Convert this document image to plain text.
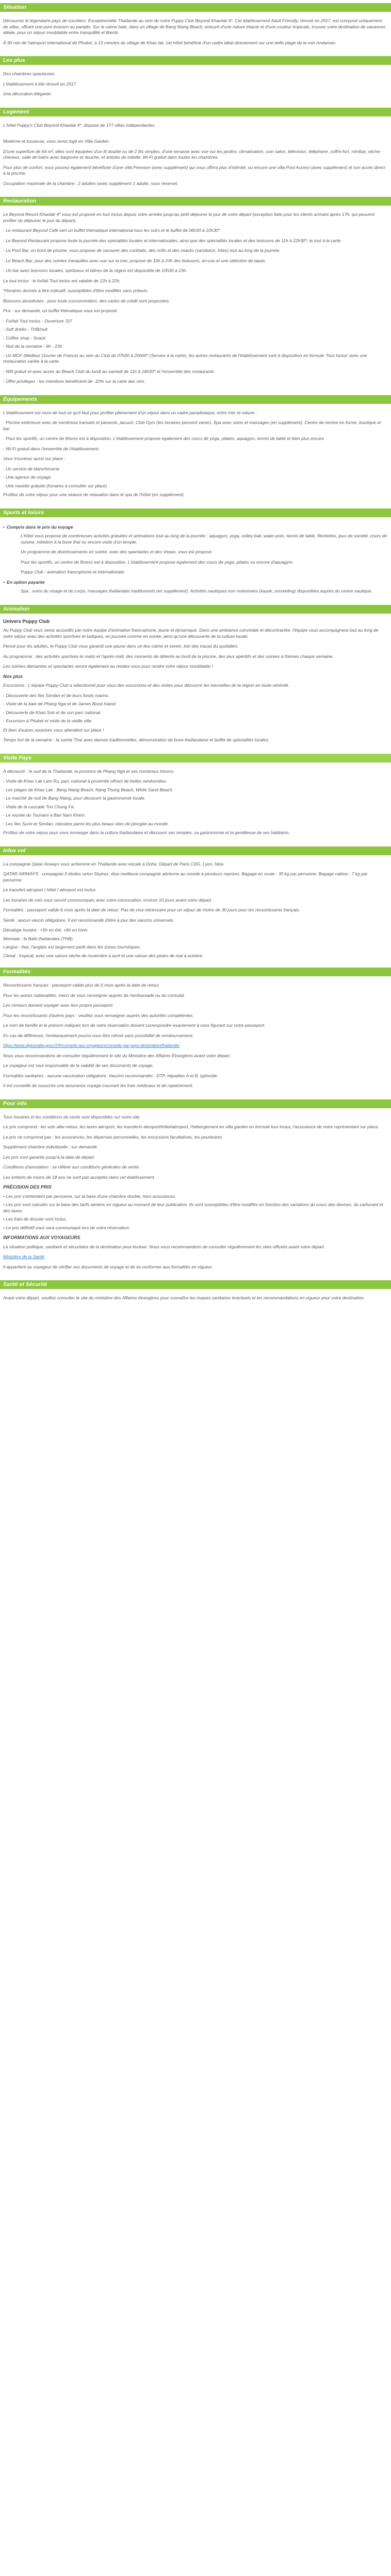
Situation
Découvrez le légendaire pays de cocotiers. Exceptionnelle Thaïlande au sein de notre Puppy Club Beyond Khaolak 4*. Cet établissement Adult Friendly, rénové en 2017, est composé uniquement de villas, offrant une pure évasion au paradis. Sur la calme baie, dans un village de Bang Niang Beach, entouré d'une nature intacte et d'une couleur tropicale, trouvez votre destination de vacances idéale, pour un séjour inoubliable entre tranquillité et liberté.
À 90 min de l'aéroport international de Phuket, à 15 minutes du village de Khao lak, cet hôtel bénéficie d'un cadre idéal directement sur une belle plage de la mer Andaman.
Les plus
Des chambres spacieuses
L'établissement à été rénové en 2017
Une décoration élégante
Logement
L'hôtel Puppy's Club Beyond Khaolak 4*, dispose de 177 villas indépendantes.
Moderne et luxueuse, vous serez logé en Villa Garden.
D'une superficie de 64 m², elles sont équipées d'un lit double ou de 2 lits simples, d'une terrasse avec vue sur les jardins, climatisation, coin salon, télévision, téléphone, coffre-fort, minibar, sèche-cheveux, salle de bains avec baignoire et douche, et articles de toilette. Wi-Fi gratuit dans toutes les chambres.
Pour plus de confort, vous pouvez également bénéficier d'une villa Premium (avec supplément) qui vous offrira plus d'intimité, ou encore une villa Pool Access (avec supplément) et son accès direct à la piscine.
Occupation maximale de la chambre : 2 adultes (avec supplément 1 adulte, sous réserve).
Restauration
Le Beyond Resort Khaolak 4* vous est proposé en tout inclus depuis votre arrivée jusqu'au petit-déjeuner le jour de votre départ (exception faite pour les clients arrivant après 17h, qui peuvent profiter du déjeuner le jour du départ).
- Le restaurant Beyond Café sert un buffet thématique international tous les soirs et le buffet de 06h30 à 10h30*.
- Le Beyond Restaurant propose toute la journée des spécialités locales et internationales, ainsi que des spécialités locales et des boissons de 11h à 22h30*, le tout à la carte.
- Le Pool Bar, en bord de piscine, vous propose de savourer des cocktails, des softs et des snacks (sandwich, frites) tout au long de la journée.
- Le Beach Bar, pour des soirées tranquilles avec vue sur la mer, propose de 10h à 23h des boissons, en-cas et une sélection de tapas.
- Un bar avec boissons locales, spiritueux et bières de la région est disponible de 10h30 à 23h.
Le tout inclus : le forfait Tout inclus est valable de 12h à 22h.
*Horaires donnés à titre indicatif, susceptibles d'être modifiés sans préavis.
Boissons alcoolisées : pour toute consommation, des cartes de crédit sont proposées.
Prix : sur demande, un buffet thématique vous est proposé.
- Forfait Tout Inclus - Ouverture 7j/7
- Soft drinks - THB/nuit
- Coffee shop - Snack
- Nuit de la semaine - 9h - 23h
- Un MOF (Meilleur Ouvrier de France) au sein du Club de 07h00 à 20h00* (Service à la carte), les autres restaurants de l'établissement sont à disposition en formule 'Tout Inclus' avec une restauration variée à la carte.
- Wifi gratuit et avec accès au Beach Club du lundi au samedi de 11h à 16h30* et l'ensemble des restaurants.
- Offre privilèges : les membres bénéficient de -10% sur la carte des vins.
Équipements
L'établissement est muni de tout ce qu'il faut pour profiter pleinement d'un séjour dans un cadre paradisiaque, entre mer et nature :
- Piscine extérieure avec de nombreux transats et parasols, jacuzzi, Club Gym (les horaires peuvent varier), Spa avec soins et massages (en supplément), Centre de remise en forme, boutique et bar.
- Pour les sportifs, un centre de fitness est à disposition. L'établissement propose également des cours de yoga, pilates, aquagym, tennis de table et bien plus encore.
- Wi-Fi gratuit dans l'ensemble de l'établissement.
Vous trouverez aussi sur place :
- Un service de blanchisserie
- Une agence de voyage
- Une navette gratuite (horaires à consulter sur place)
Profitez de votre séjour pour une séance de relaxation dans le spa de l'hôtel (en supplément).
Sports et loisirs
• Compris dans le prix du voyage
L'hôtel vous propose de nombreuses activités gratuites et animations tout au long de la journée : aquagym, yoga, volley-ball, water-polo, tennis de table, fléchettes, jeux de société, cours de cuisine, initiation à la boxe thaï ou encore visite d'un temple.
Un programme de divertissements en soirée, avec des spectacles et des shows, vous est proposé.
Pour les sportifs, un centre de fitness est à disposition. L'établissement propose également des cours de yoga, pilates ou encore d'aquagym.
Puppy Club : animation francophone et internationale.
• En option payante
Spa : soins du visage et du corps, massages thaïlandais traditionnels (en supplément). Activités nautiques non motorisées (kayak, snorkeling) disponibles auprès du centre nautique.
Animation
Univers Puppy Club
Au Puppy Club vous serez accueillis par notre équipe d'animation francophone, jeune et dynamique. Dans une ambiance conviviale et décontractée, l'équipe vous accompagnera tout au long de votre séjour avec des activités sportives et ludiques, en journée comme en soirée, ainsi qu'une découverte de la culture locale.
Pensé pour les adultes, le Puppy Club vous garantit une pause dans un lieu calme et serein, loin des tracas du quotidien.
Au programme : des activités sportives le matin et l'après-midi, des moments de détente au bord de la piscine, des jeux apéritifs et des soirées à thèmes chaque semaine.
Les soirées dansantes et spectacles seront également au rendez-vous pour rendre votre séjour inoubliable !
Nos plus
Excursions : L'équipe Puppy Club a sélectionné pour vous des excursions et des visites pour découvrir les merveilles de la région en toute sérénité.
- Découverte des îles Similan et de leurs fonds marins.
- Visite de la baie de Phang Nga et de James Bond Island.
- Découverte de Khao Sok et de son parc national.
- Excursion à Phuket et visite de la vieille ville.
Et bien d'autres surprises vous attendent sur place !
Temps fort de la semaine : la soirée Thaï avec danses traditionnelles, démonstration de boxe thaïlandaise et buffet de spécialités locales.
Visite Pays
À découvrir : le sud de la Thaïlande, la province de Phang Nga et ses nombreux trésors.
- Visite de Khao Lak Lam Ru, parc national à proximité offrant de belles randonnées.
- Les plages de Khao Lak : Bang Niang Beach, Nang Thong Beach, White Sand Beach.
- Le marché de nuit de Bang Niang, pour découvrir la gastronomie locale.
- Visite de la cascade Ton Chong Fa.
- Le musée du Tsunami à Ban Nam Khem.
- Les îles Surin et Similan, classées parmi les plus beaux sites de plongée au monde.
Profitez de votre séjour pour vous immerger dans la culture thaïlandaise et découvrir ses temples, sa gastronomie et la gentillesse de ses habitants.
Infos vol
La compagnie Qatar Airways vous achemine en Thaïlande avec escale à Doha. Départ de Paris CDG, Lyon, Nice.
QATAR AIRWAYS : compagnie 5 étoiles selon Skytrax, élue meilleure compagnie aérienne au monde à plusieurs reprises. Bagage en soute : 30 kg par personne. Bagage cabine : 7 kg par personne.
Le transfert aéroport / hôtel / aéroport est inclus.
Les horaires de vols vous seront communiqués avec votre convocation, environ 10 jours avant votre départ.
Formalités : passeport valide 6 mois après la date de retour. Pas de visa nécessaire pour un séjour de moins de 30 jours pour les ressortissants français.
Santé : aucun vaccin obligatoire. Il est recommandé d'être à jour des vaccins universels.
Décalage horaire : +5h en été, +6h en hiver.
Monnaie : le Baht thaïlandais (THB).
Langue : thaï, l'anglais est largement parlé dans les zones touristiques.
Climat : tropical, avec une saison sèche de novembre à avril et une saison des pluies de mai à octobre.
Formalités
Ressortissants français : passeport valide plus de 6 mois après la date de retour.
Pour les autres nationalités, merci de vous renseigner auprès de l'ambassade ou du consulat.
Les mineurs doivent voyager avec leur propre passeport.
Pour les ressortissants d'autres pays : veuillez vous renseigner auprès des autorités compétentes.
Le nom de famille et le prénom indiqués lors de votre réservation doivent correspondre exactement à ceux figurant sur votre passeport.
En cas de différence, l'embarquement pourra vous être refusé sans possibilité de remboursement.
https://www.diplomatie.gouv.fr/fr/conseils-aux-voyageurs/conseils-par-pays-destination/thailande/
Nous vous recommandons de consulter régulièrement le site du Ministère des Affaires Étrangères avant votre départ.
Le voyageur est seul responsable de la validité de ses documents de voyage.
Formalités sanitaires : aucune vaccination obligatoire. Vaccins recommandés : DTP, hépatites A et B, typhoïde.
Il est conseillé de souscrire une assurance voyage couvrant les frais médicaux et de rapatriement.
Pour info
Tous horaires et les conditions de vente sont disponibles sur notre site.
Le prix comprend : les vols aller-retour, les taxes aéroport, les transferts aéroport/hôtel/aéroport, l'hébergement en villa garden en formule tout inclus, l'assistance de notre représentant sur place.
Le prix ne comprend pas : les assurances, les dépenses personnelles, les excursions facultatives, les pourboires.
Supplément chambre individuelle : sur demande.
Les prix sont garantis jusqu'à la date de départ.
Conditions d'annulation : se référer aux conditions générales de vente.
Les enfants de moins de 18 ans ne sont pas acceptés dans cet établissement.
PRÉCISION DES PRIX
• Les prix s'entendent par personne, sur la base d'une chambre double, hors assurances.
• Les prix sont calculés sur la base des tarifs aériens en vigueur au moment de leur publication. Ils sont susceptibles d'être modifiés en fonction des variations du cours des devises, du carburant et des taxes.
• Les frais de dossier sont inclus.
• Le prix définitif vous sera communiqué lors de votre réservation.
INFORMATIONS AUX VOYAGEURS
La situation politique, sanitaire et sécuritaire de la destination peut évoluer. Nous vous recommandons de consulter régulièrement les sites officiels avant votre départ.
Ministère de la Santé
Il appartient au voyageur de vérifier ses documents de voyage et de se conformer aux formalités en vigueur.
Santé et Sécurité
Avant votre départ, veuillez consulter le site du ministère des Affaires étrangères pour connaître les risques sanitaires éventuels et les recommandations en vigueur pour votre destination.
